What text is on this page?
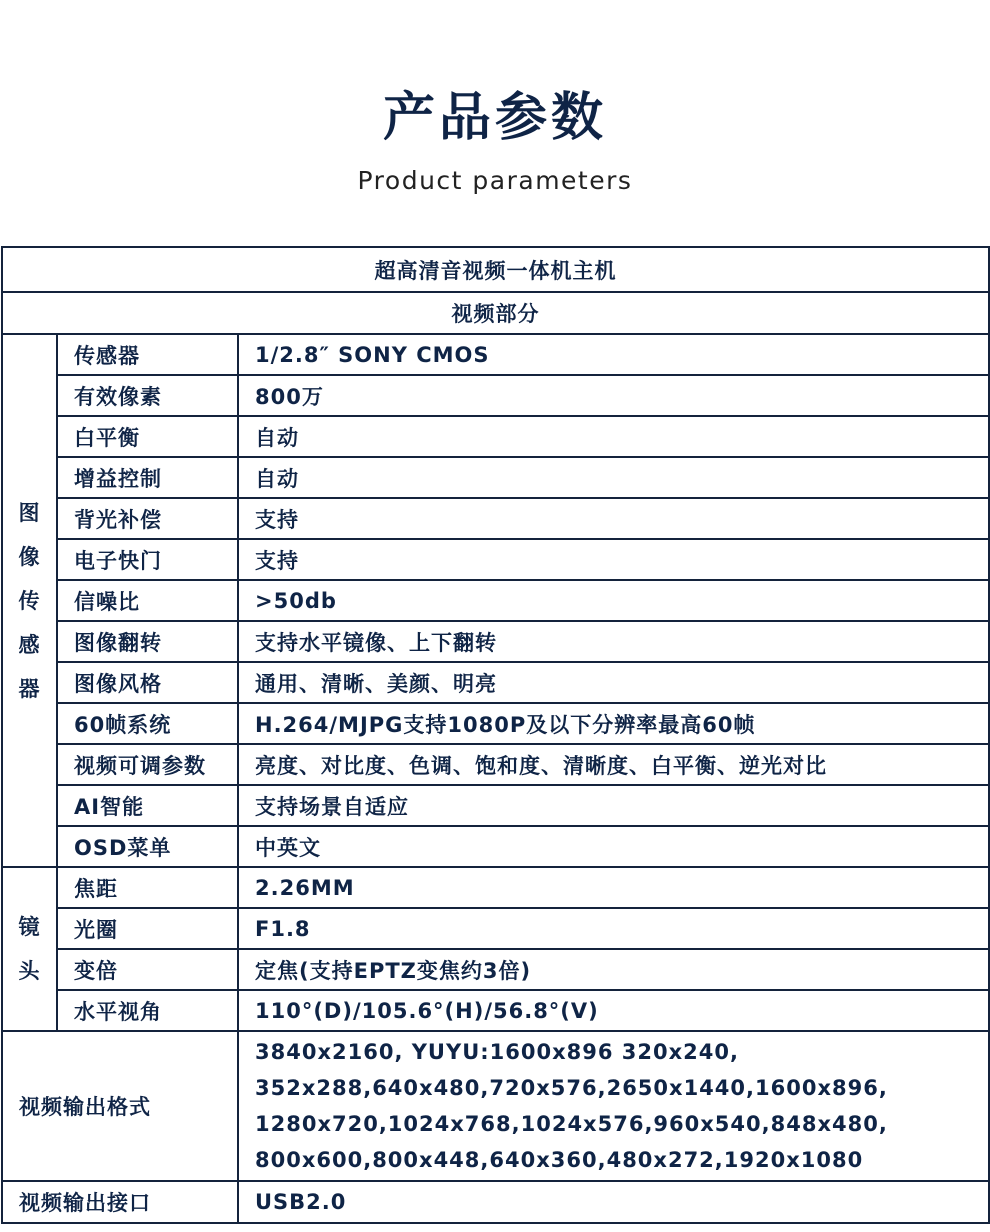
产品参数
Product parameters
超高清音视频一体机主机		
视频部分		
图像传感器	传感器	1/2.8″ SONY CMOS
	有效像素	800万
	白平衡	自动
	增益控制	自动
	背光补偿	支持
	电子快门	支持
	信噪比	>50db
	图像翻转	支持水平镜像、上下翻转
	图像风格	通用、清晰、美颜、明亮
	60帧系统	H.264/MJPG支持1080P及以下分辨率最高60帧
	视频可调参数	亮度、对比度、色调、饱和度、清晰度、白平衡、逆光对比
	AI智能	支持场景自适应
	OSD菜单	中英文
镜头	焦距	2.26MM
	光圈	F1.8
	变倍	定焦(支持EPTZ变焦约3倍)
	水平视角	110°(D)/105.6°(H)/56.8°(V)
视频输出格式		3840x2160, YUYU:1600x896 320x240,
352x288,640x480,720x576,2650x1440,1600x896,
1280x720,1024x768,1024x576,960x540,848x480,
800x600,800x448,640x360,480x272,1920x1080

视频输出接口		USB2.0
